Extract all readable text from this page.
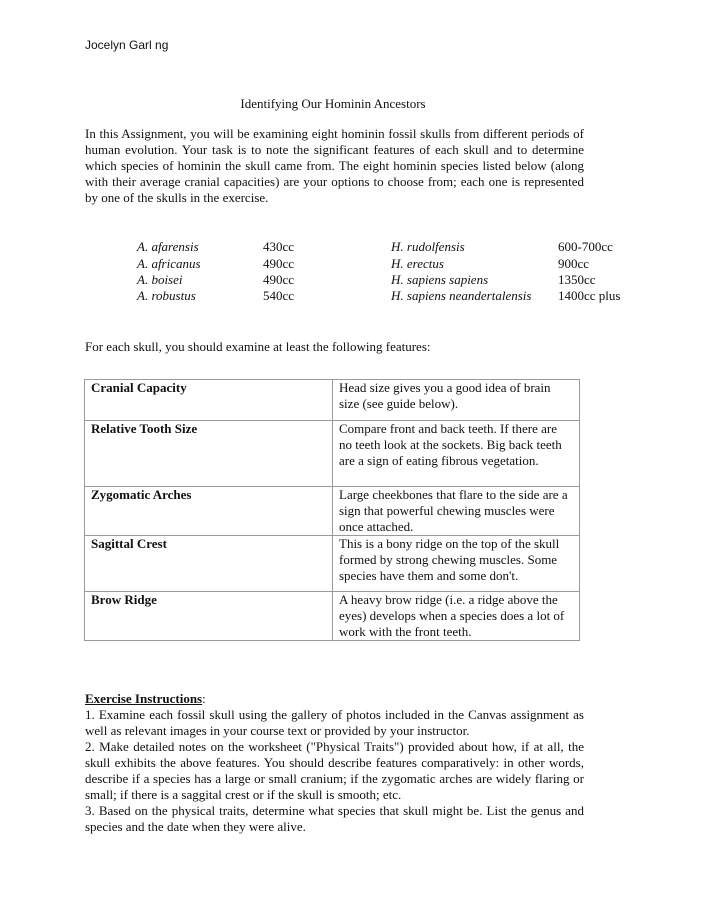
Jocelyn Garl ng
Identifying Our Hominin Ancestors
In this Assignment, you will be examining eight hominin fossil skulls from different periods of human evolution. Your task is to note the significant features of each skull and to determine which species of hominin the skull came from. The eight hominin species listed below (along with their average cranial capacities) are your options to choose from; each one is represented by one of the skulls in the exercise.
A. afarensis	430cc
A. africanus	490cc
A. boisei	490cc
A. robustus	540cc
H. rudolfensis	600-700cc
H. erectus	900cc
H. sapiens sapiens	1350cc
H. sapiens neandertalensis 1400cc plus
For each skull, you should examine at least the following features:
Cranial Capacity	Head size gives you a good idea of brain size (see guide below).
Relative Tooth Size	Compare front and back teeth. If there are no teeth look at the sockets. Big back teeth are a sign of eating fibrous vegetation.
Zygomatic Arches	Large cheekbones that flare to the side are a sign that powerful chewing muscles were once attached.
Sagittal Crest	This is a bony ridge on the top of the skull formed by strong chewing muscles. Some species have them and some don't.
Brow Ridge	A heavy brow ridge (i.e. a ridge above the eyes) develops when a species does a lot of work with the front teeth.

Exercise Instructions:

1. Examine each fossil skull using the gallery of photos included in the Canvas assignment as well as relevant images in your course text or provided by your instructor.

2. Make detailed notes on the worksheet ("Physical Traits") provided about how, if at all, the skull exhibits the above features. You should describe features comparatively: in other words, describe if a species has a large or small cranium; if the zygomatic arches are widely flaring or small; if there is a saggital crest or if the skull is smooth; etc.

3. Based on the physical traits, determine what species that skull might be. List the genus and species and the date when they were alive.
